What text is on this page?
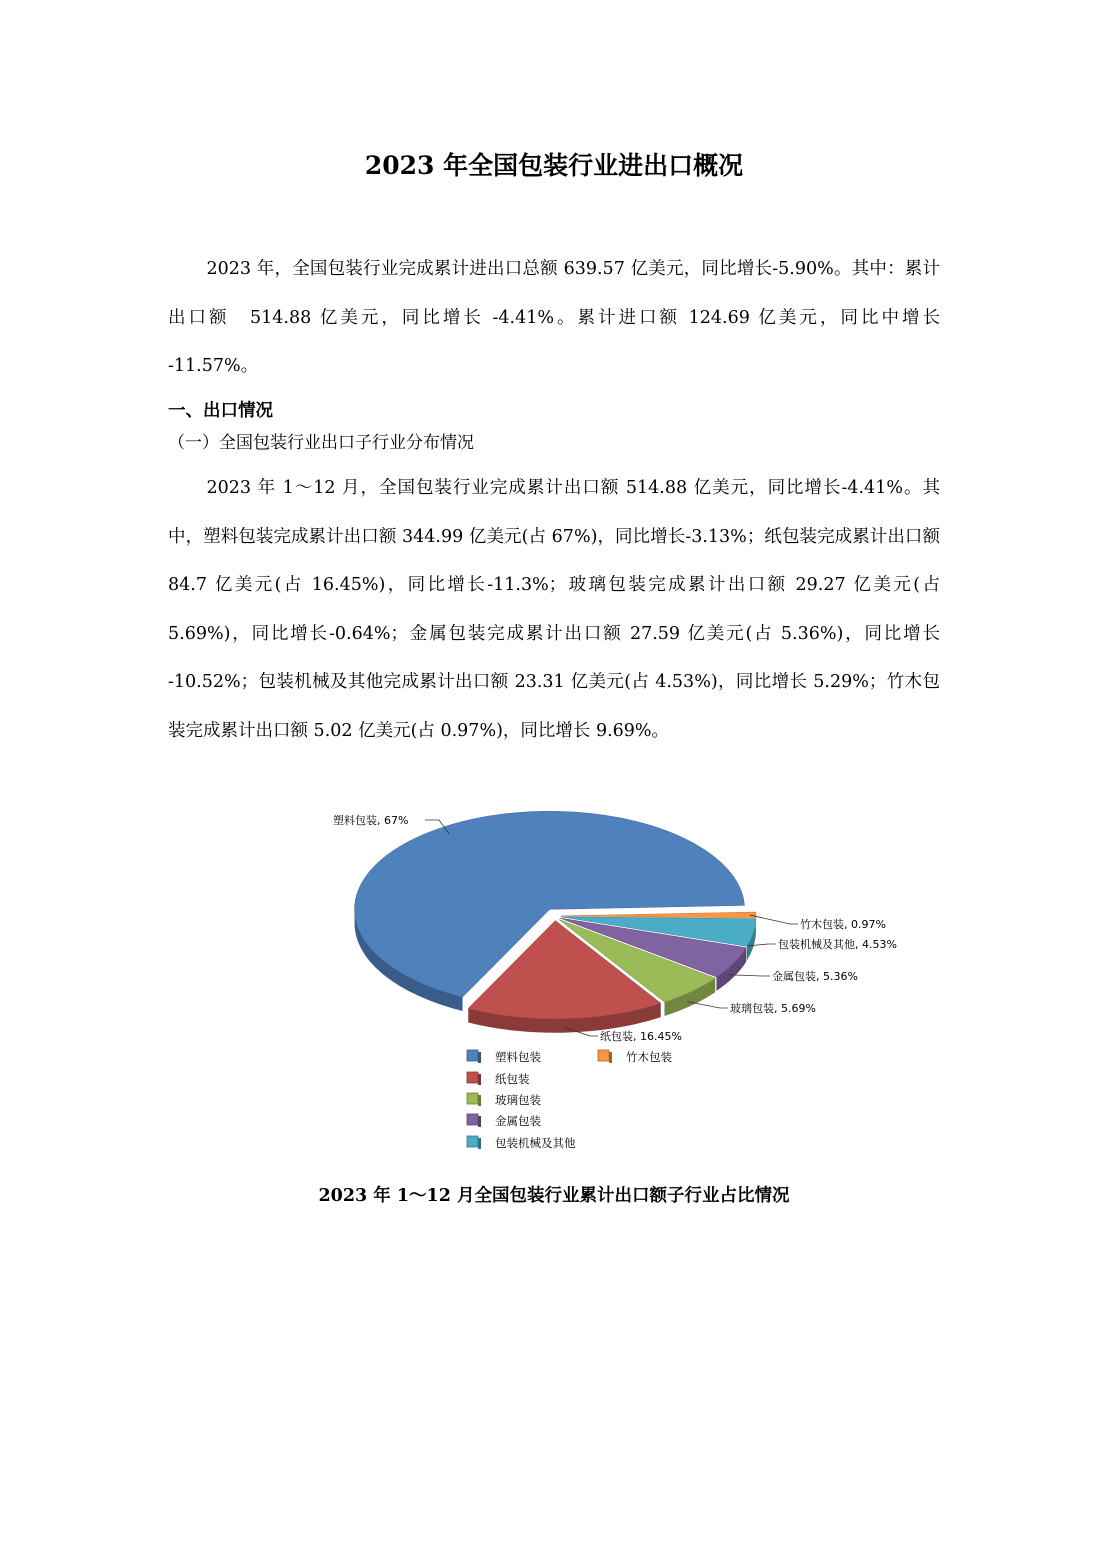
2023 年全国包装行业进出口概况

2023 年，全国包装行业完成累计进出口总额 639.57 亿美元，同比增长-5.90%。其中：累计出口额　514.88 亿美元，同比增长 -4.41%。累计进口额 124.69 亿美元，同比中增长 -11.57%。

一、出口情况

（一）全国包装行业出口子行业分布情况

2023 年 1～12 月，全国包装行业完成累计出口额 514.88 亿美元，同比增长-4.41%。其中，塑料包装完成累计出口额 344.99 亿美元(占 67%)，同比增长-3.13%；纸包装完成累计出口额 84.7 亿美元(占 16.45%)，同比增长-11.3%；玻璃包装完成累计出口额 29.27 亿美元(占 5.69%)，同比增长-0.64%；金属包装完成累计出口额 27.59 亿美元(占 5.36%)，同比增长 -10.52%；包装机械及其他完成累计出口额 23.31 亿美元(占 4.53%)，同比增长 5.29%；竹木包装完成累计出口额 5.02 亿美元(占 0.97%)，同比增长 9.69%。

塑料包装, 67%
纸包装, 16.45%
玻璃包装, 5.69%
金属包装, 5.36%
包装机械及其他, 4.53%
竹木包装, 0.97%
塑料包装	竹木包装
纸包装
玻璃包装
金属包装
包装机械及其他

2023 年 1～12 月全国包装行业累计出口额子行业占比情况
